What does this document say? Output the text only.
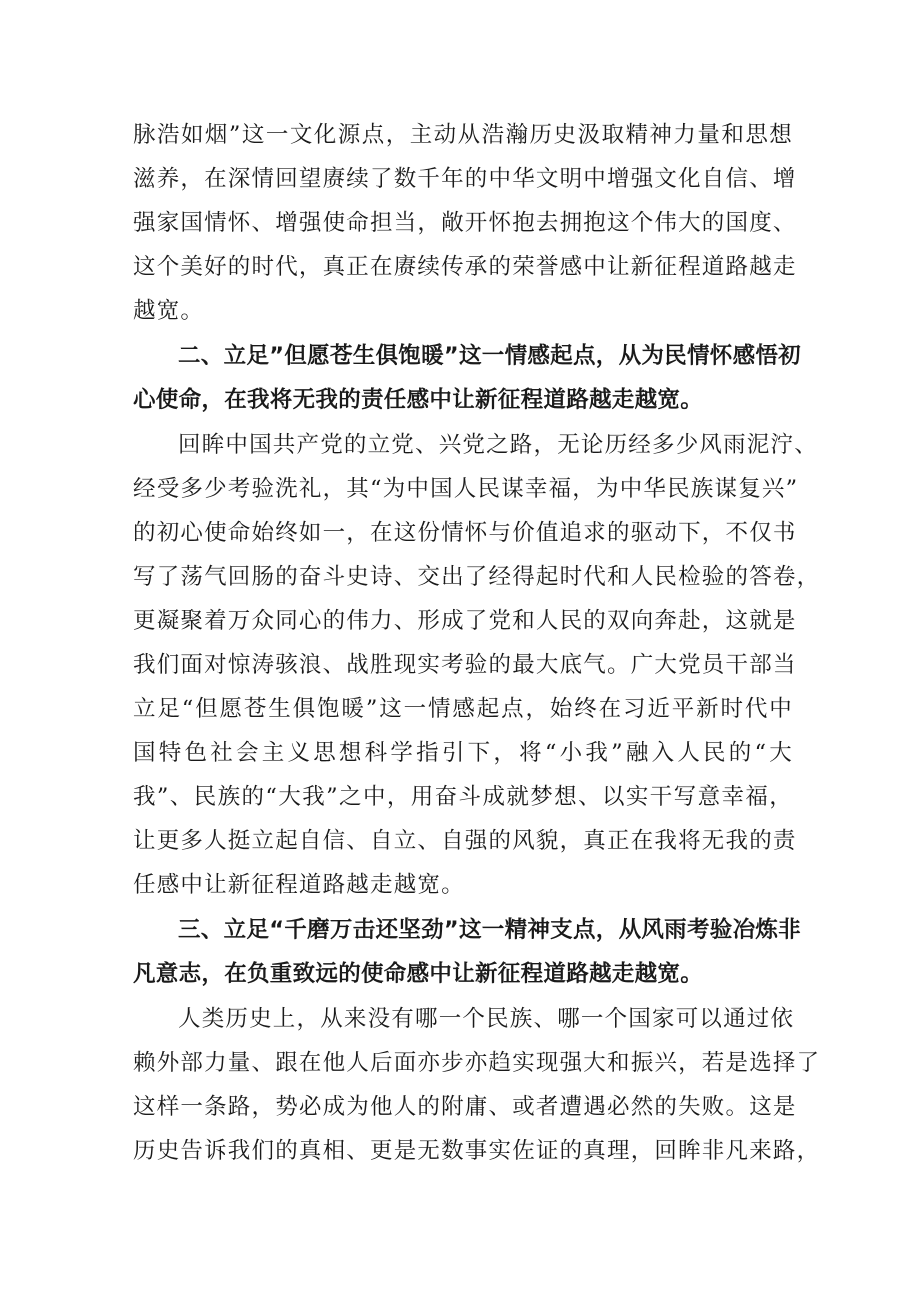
脉浩如烟”这一文化源点，主动从浩瀚历史汲取精神力量和思想
滋养，在深情回望赓续了数千年的中华文明中增强文化自信、增
强家国情怀、增强使命担当，敞开怀抱去拥抱这个伟大的国度、
这个美好的时代，真正在赓续传承的荣誉感中让新征程道路越走
越宽。
二、立足”但愿苍生俱饱暖”这一情感起点，从为民情怀感悟初
心使命，在我将无我的责任感中让新征程道路越走越宽。
回眸中国共产党的立党、兴党之路，无论历经多少风雨泥泞、
经受多少考验洗礼，其“为中国人民谋幸福，为中华民族谋复兴”
的初心使命始终如一，在这份情怀与价值追求的驱动下，不仅书
写了荡气回肠的奋斗史诗、交出了经得起时代和人民检验的答卷，
更凝聚着万众同心的伟力、形成了党和人民的双向奔赴，这就是
我们面对惊涛骇浪、战胜现实考验的最大底气。广大党员干部当
立足“但愿苍生俱饱暖”这一情感起点，始终在习近平新时代中
国特色社会主义思想科学指引下，将“小我”融入人民的“大
我”、民族的“大我”之中，用奋斗成就梦想、以实干写意幸福，
让更多人挺立起自信、自立、自强的风貌，真正在我将无我的责
任感中让新征程道路越走越宽。
三、立足“千磨万击还坚劲”这一精神支点，从风雨考验冶炼非
凡意志，在负重致远的使命感中让新征程道路越走越宽。
人类历史上，从来没有哪一个民族、哪一个国家可以通过依
赖外部力量、跟在他人后面亦步亦趋实现强大和振兴，若是选择了
这样一条路，势必成为他人的附庸、或者遭遇必然的失败。这是
历史告诉我们的真相、更是无数事实佐证的真理，回眸非凡来路，
